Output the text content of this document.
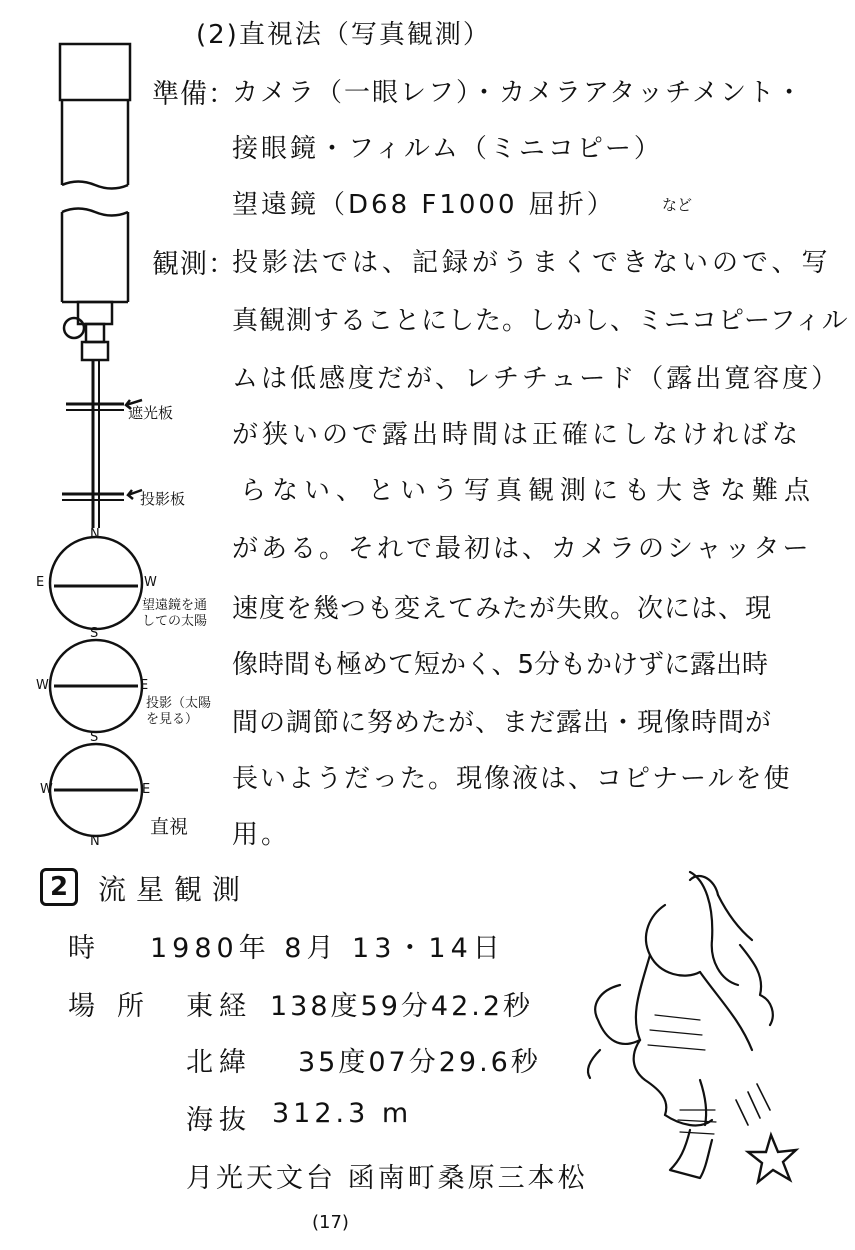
遮光板
投影板
望遠鏡を通しての太陽
投影（太陽を見る）
直視
N
E	W
S
W	E
S
W	E
N
(2)直視法（写真観測）
準備：
カメラ（一眼レフ）・カメラアタッチメント・
接眼鏡・フィルム（ミニコピー）
望遠鏡（D68 F1000 屈折）	など
観測：
投影法では、記録がうまくできないので、写
真観測することにした。しかし、ミニコピーフィル
ムは低感度だが、レチチュード（露出寛容度）
が狭いので露出時間は正確にしなければな
らない、という写真観測にも大きな難点
がある。それで最初は、カメラのシャッター
速度を幾つも変えてみたが失敗。次には、現
像時間も極めて短かく、5分もかけずに露出時
間の調節に努めたが、まだ露出・現像時間が
長いようだった。現像液は、コピナールを使
用。
2	流星観測
時 1980年 8月 13・14日
場所 東経 138度59分42.2秒
北緯 35度07分29.6秒
海抜 312.3 m
月光天文台 函南町桑原三本松
(17)
